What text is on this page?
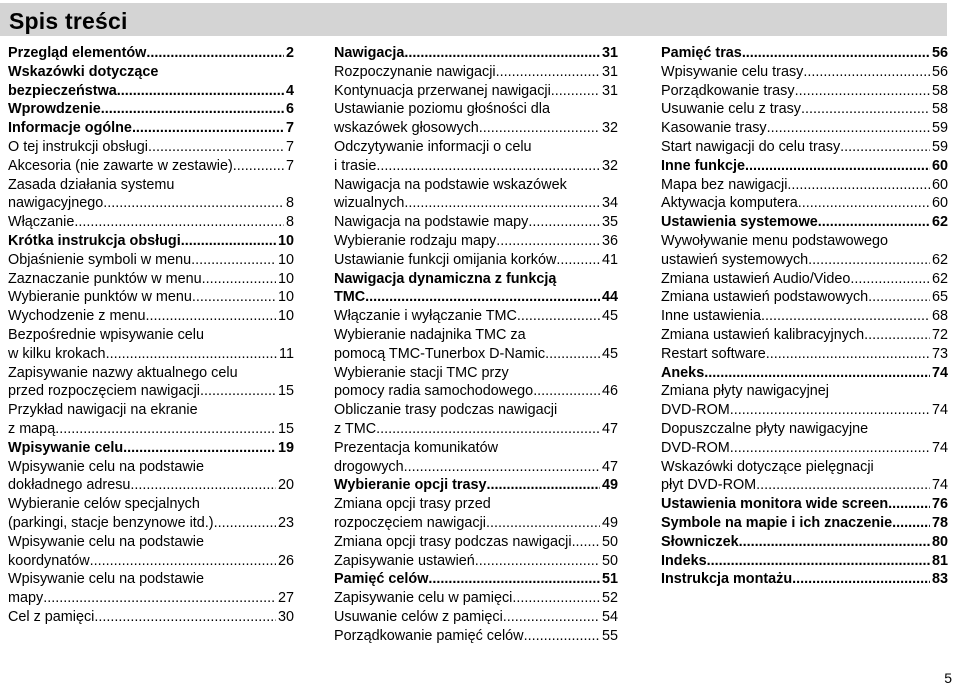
Spis treści
Przegląd elementów .....	2
Wskazówki dotyczące
bezpieczeństwa .....	4
Wprowdzenie .....	6
Informacje ogólne .....	7
O tej instrukcji obsługi .....	7
Akcesoria (nie zawarte w zestawie) .....	7
Zasada działania systemu
nawigacyjnego .....	8
Włączanie .....	8
Krótka instrukcja obsługi .....	10
Objaśnienie symboli w menu .....	10
Zaznaczanie punktów w menu .....	10
Wybieranie punktów w menu .....	10
Wychodzenie z menu .....	10
Bezpośrednie wpisywanie celu
w kilku krokach .....	11
Zapisywanie nazwy aktualnego celu
przed rozpoczęciem nawigacji .....	15
Przykład nawigacji na ekranie
z mapą .....	15
Wpisywanie celu .....	19
Wpisywanie celu na podstawie
dokładnego adresu .....	20
Wybieranie celów specjalnych
(parkingi, stacje benzynowe itd.) .....	23
Wpisywanie celu na podstawie
koordynatów .....	26
Wpisywanie celu na podstawie
mapy .....	27
Cel z pamięci .....	30
Nawigacja .....	31
Rozpoczynanie nawigacji .....	31
Kontynuacja przerwanej nawigacji .....	31
Ustawianie poziomu głośności dla
wskazówek głosowych .....	32
Odczytywanie informacji o celu
i trasie .....	32
Nawigacja na podstawie wskazówek
wizualnych .....	34
Nawigacja na podstawie mapy .....	35
Wybieranie rodzaju mapy .....	36
Ustawianie funkcji omijania korków .....	41
Nawigacja dynamiczna z funkcją
TMC .....	44
Włączanie i wyłączanie TMC .....	45
Wybieranie nadajnika TMC za
pomocą TMC-Tunerbox D-Namic .....	45
Wybieranie stacji TMC przy
pomocy radia samochodowego .....	46
Obliczanie trasy podczas nawigacji
z TMC .....	47
Prezentacja komunikatów
drogowych .....	47
Wybieranie opcji trasy .....	49
Zmiana opcji trasy przed
rozpoczęciem nawigacji .....	49
Zmiana opcji trasy podczas nawigacji ..... 50
Zapisywanie ustawień .....	50
Pamięć celów .....	51
Zapisywanie celu w pamięci .....	52
Usuwanie celów z pamięci .....	54
Porządkowanie pamięć celów .....	55
Pamięć tras .....	56
Wpisywanie celu trasy .....	56
Porządkowanie trasy .....	58
Usuwanie celu z trasy .....	58
Kasowanie trasy .....	59
Start nawigacji do celu trasy .....	59
Inne funkcje .....	60
Mapa bez nawigacji .....	60
Aktywacja komputera .....	60
Ustawienia systemowe .....	62
Wywoływanie menu podstawowego
ustawień systemowych .....	62
Zmiana ustawień Audio/Video .....	62
Zmiana ustawień podstawowych .....	65
Inne ustawienia .....	68
Zmiana ustawień kalibracyjnych .....	72
Restart software .....	73
Aneks .....	74
Zmiana płyty nawigacyjnej
DVD-ROM .....	74
Dopuszczalne płyty nawigacyjne
DVD-ROM .....	74
Wskazówki dotyczące pielęgnacji
płyt DVD-ROM .....	74
Ustawienia monitora wide screen .....	76
Symbole na mapie i ich znaczenie .....	78
Słowniczek .....	80
Indeks .....	81
Instrukcja montażu .....	83
5
